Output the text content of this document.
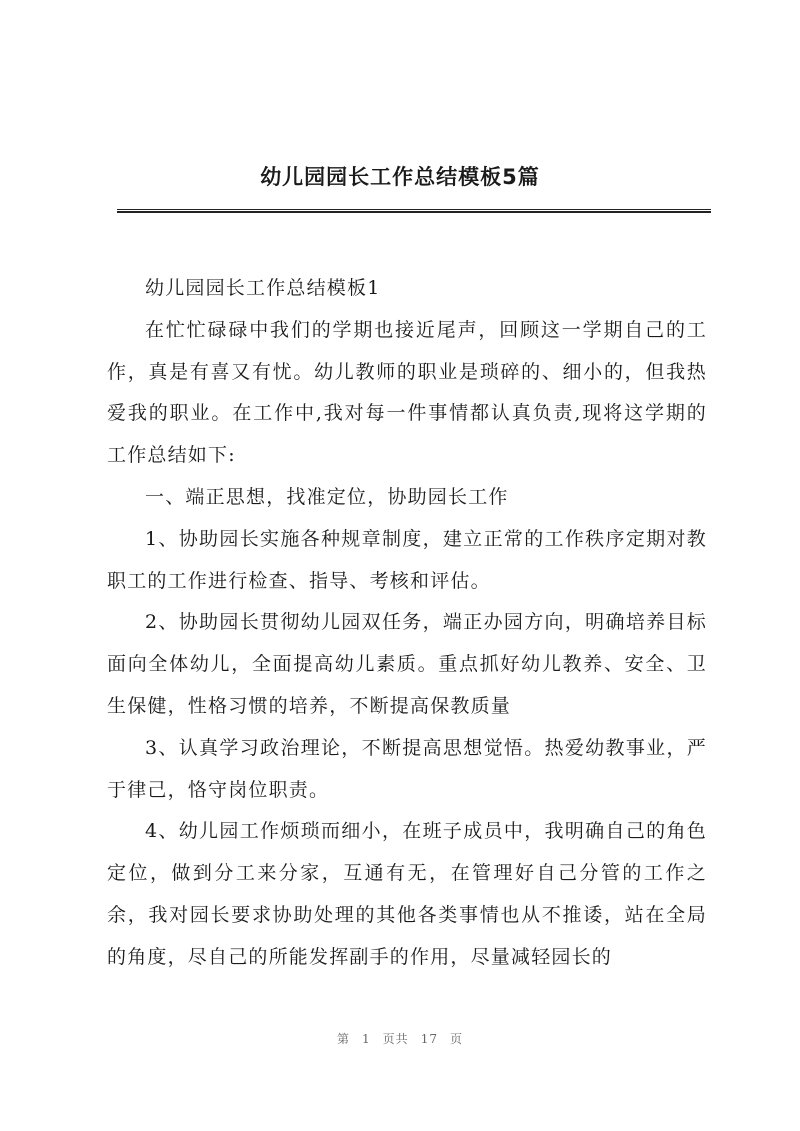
幼儿园园长工作总结模板5篇

幼儿园园长工作总结模板1

在忙忙碌碌中我们的学期也接近尾声，回顾这一学期自己的工作，真是有喜又有忧。幼儿教师的职业是琐碎的、细小的，但我热爱我的职业。在工作中,我对每一件事情都认真负责,现将这学期的工作总结如下:

一、端正思想，找准定位，协助园长工作

1、协助园长实施各种规章制度，建立正常的工作秩序定期对教职工的工作进行检查、指导、考核和评估。

2、协助园长贯彻幼儿园双任务，端正办园方向，明确培养目标面向全体幼儿，全面提高幼儿素质。重点抓好幼儿教养、安全、卫生保健，性格习惯的培养，不断提高保教质量

3、认真学习政治理论，不断提高思想觉悟。热爱幼教事业，严于律己，恪守岗位职责。

4、幼儿园工作烦琐而细小，在班子成员中，我明确自己的角色定位，做到分工来分家，互通有无，在管理好自己分管的工作之余，我对园长要求协助处理的其他各类事情也从不推诿，站在全局的角度，尽自己的所能发挥副手的作用，尽量减轻园长的

第 1 页共 17 页
